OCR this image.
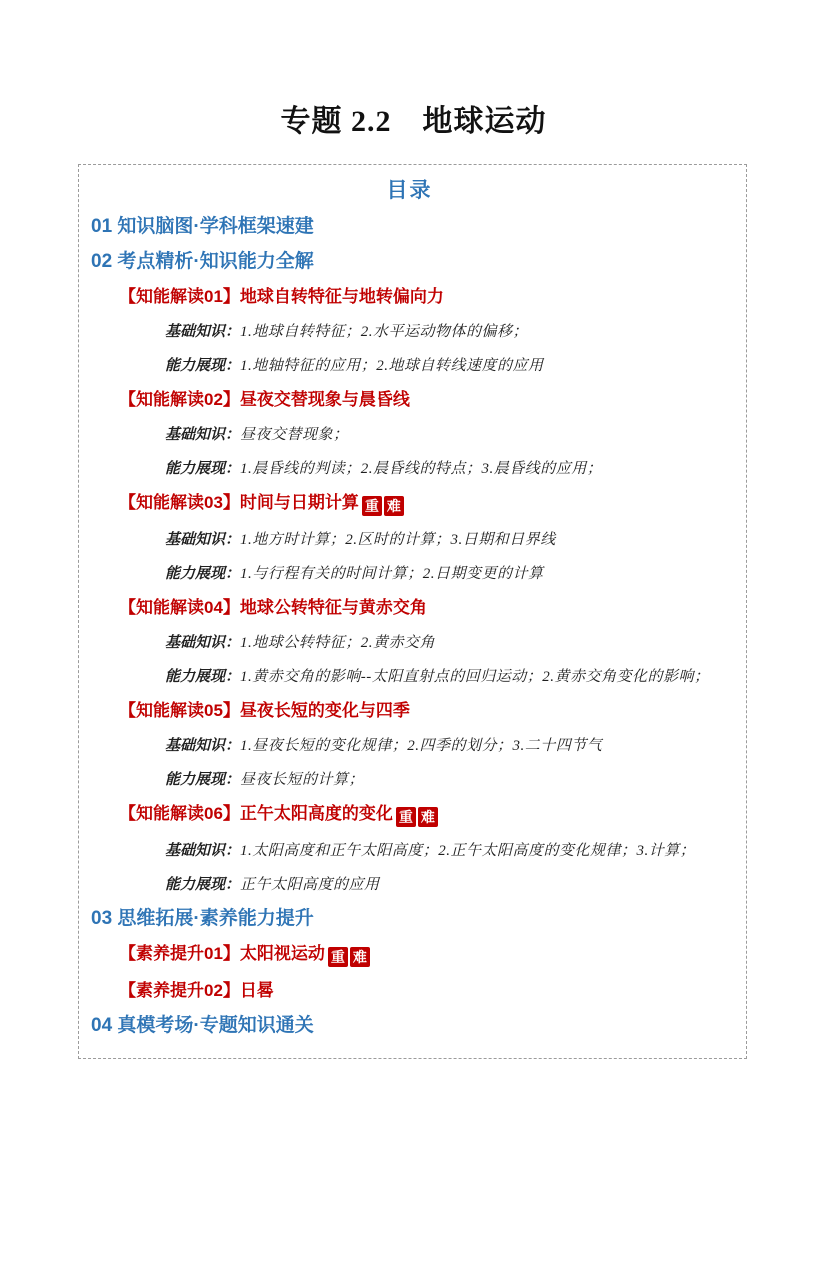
专题 2.2　地球运动
目录
01 知识脑图·学科框架速建
02 考点精析·知识能力全解
【知能解读01】地球自转特征与地转偏向力
基础知识：1.地球自转特征；2.水平运动物体的偏移；
能力展现：1.地轴特征的应用；2.地球自转线速度的应用
【知能解读02】昼夜交替现象与晨昏线
基础知识：昼夜交替现象；
能力展现：1.晨昏线的判读；2.晨昏线的特点；3.晨昏线的应用；
【知能解读03】时间与日期计算 重 难
基础知识：1.地方时计算；2.区时的计算；3.日期和日界线
能力展现：1.与行程有关的时间计算；2.日期变更的计算
【知能解读04】地球公转特征与黄赤交角
基础知识：1.地球公转特征；2.黄赤交角
能力展现：1.黄赤交角的影响--太阳直射点的回归运动；2.黄赤交角变化的影响；
【知能解读05】昼夜长短的变化与四季
基础知识：1.昼夜长短的变化规律；2.四季的划分；3.二十四节气
能力展现：昼夜长短的计算；
【知能解读06】正午太阳高度的变化 重 难
基础知识：1.太阳高度和正午太阳高度；2.正午太阳高度的变化规律；3.计算；
能力展现：正午太阳高度的应用
03 思维拓展·素养能力提升
【素养提升01】太阳视运动 重 难
【素养提升02】日晷
04 真模考场·专题知识通关
